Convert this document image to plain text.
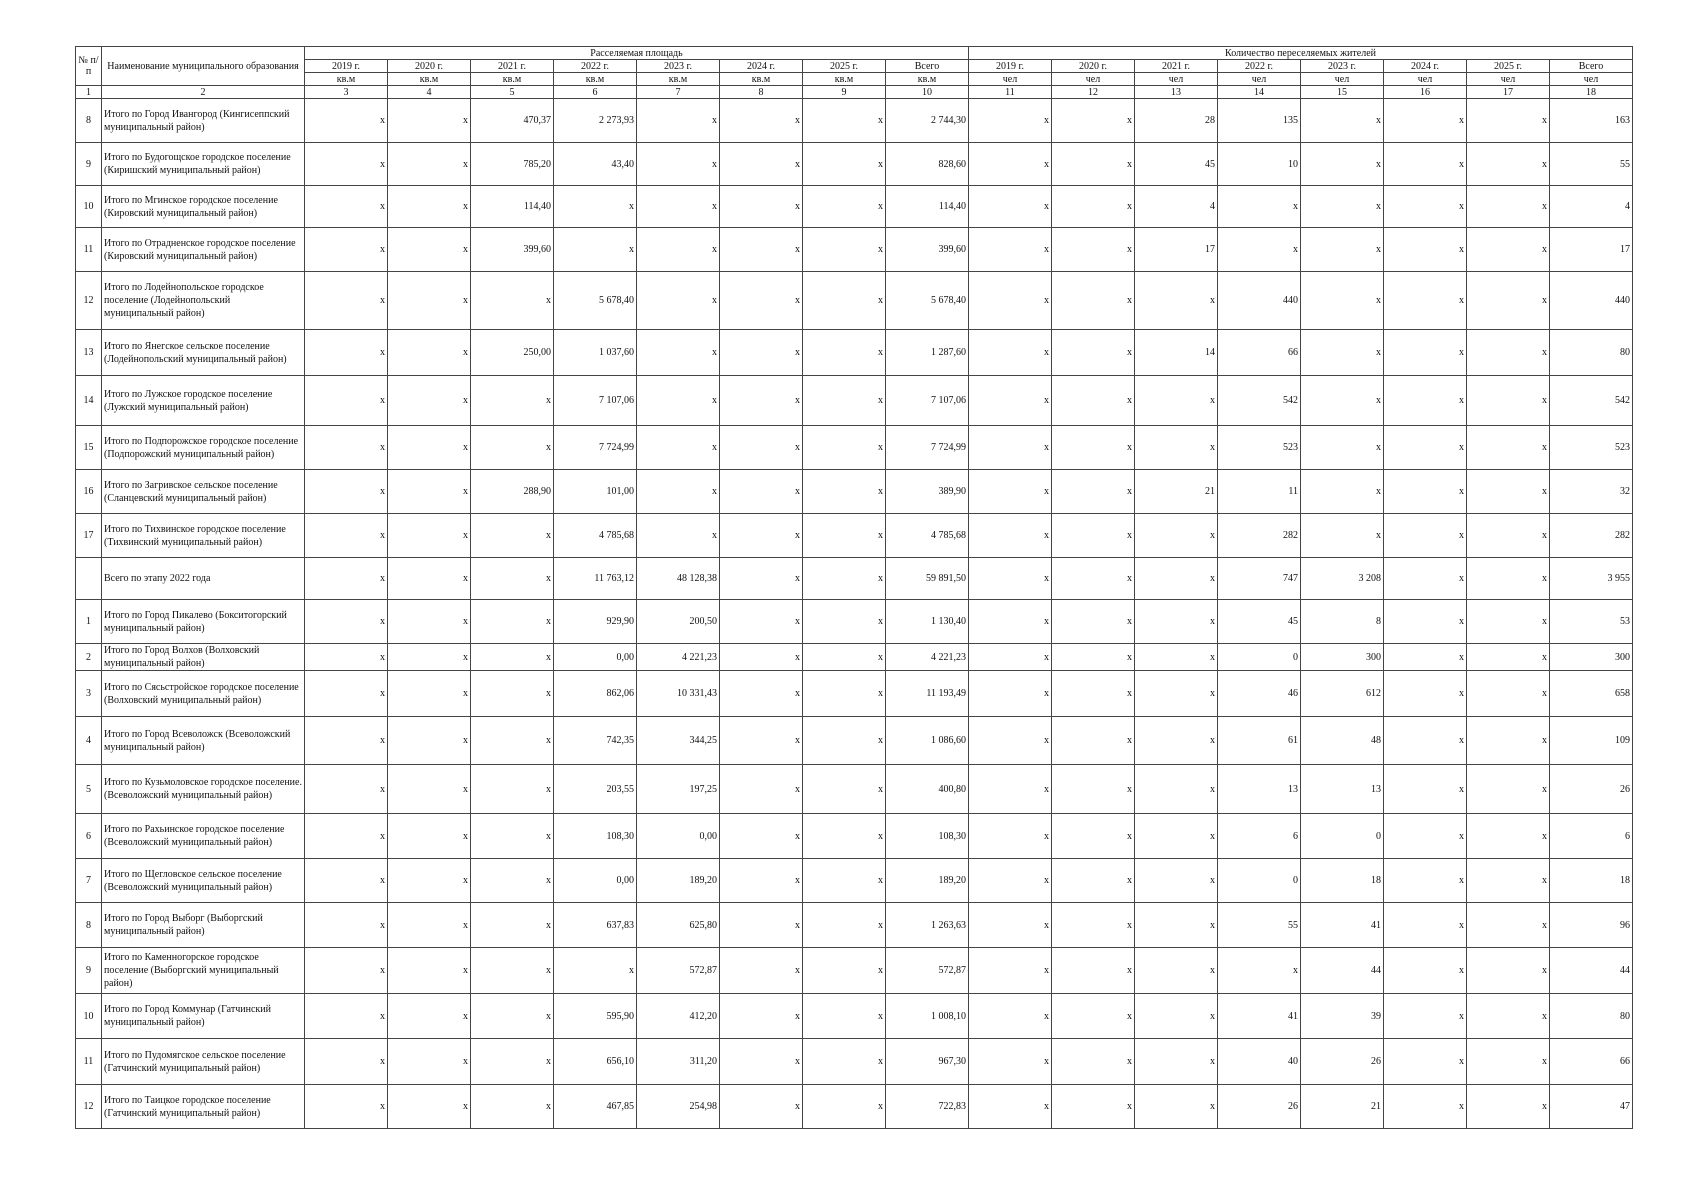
№ п/п	Наименование муниципального образования	Расселяемая площадь								Количество переселяемых жителей							
		2019 г.	2020 г.	2021 г.	2022 г.	2023 г.	2024 г.	2025 г.	Всего	2019 г.	2020 г.	2021 г.	2022 г.	2023 г.	2024 г.	2025 г.	Всего
		кв.м	кв.м	кв.м	кв.м	кв.м	кв.м	кв.м	кв.м	чел	чел	чел	чел	чел	чел	чел	чел
1	2	3	4	5	6	7	8	9	10	11	12	13	14	15	16	17	18
8	Итого по Город Ивангород (Кингисеппский муниципальный район)	x	x	470,37	2 273,93	x	x	x	2 744,30	x	x	28	135	x	x	x	163
9	Итого по Будогощское городское поселение (Киришский муниципальный район)	x	x	785,20	43,40	x	x	x	828,60	x	x	45	10	x	x	x	55
10	Итого по Мгинское городское поселение (Кировский муниципальный район)	x	x	114,40	x	x	x	x	114,40	x	x	4	x	x	x	x	4
11	Итого по Отрадненское городское поселение (Кировский муниципальный район)	x	x	399,60	x	x	x	x	399,60	x	x	17	x	x	x	x	17
12	Итого по Лодейнопольское городское поселение (Лодейнопольский муниципальный район)	x	x	x	5 678,40	x	x	x	5 678,40	x	x	x	440	x	x	x	440
13	Итого по Янегское сельское поселение (Лодейнопольский муниципальный район)	x	x	250,00	1 037,60	x	x	x	1 287,60	x	x	14	66	x	x	x	80
14	Итого по Лужское городское поселение (Лужский муниципальный район)	x	x	x	7 107,06	x	x	x	7 107,06	x	x	x	542	x	x	x	542
15	Итого по Подпорожское городское поселение (Подпорожский муниципальный район)	x	x	x	7 724,99	x	x	x	7 724,99	x	x	x	523	x	x	x	523
16	Итого по Загривское сельское поселение (Сланцевский муниципальный район)	x	x	288,90	101,00	x	x	x	389,90	x	x	21	11	x	x	x	32
17	Итого по Тихвинское городское поселение (Тихвинский муниципальный район)	x	x	x	4 785,68	x	x	x	4 785,68	x	x	x	282	x	x	x	282
	Всего по этапу 2022 года	x	x	x	11 763,12	48 128,38	x	x	59 891,50	x	x	x	747	3 208	x	x	3 955
1	Итого по Город Пикалево (Бокситогорский муниципальный район)	x	x	x	929,90	200,50	x	x	1 130,40	x	x	x	45	8	x	x	53
2	Итого по Город Волхов (Волховский муниципальный район)	x	x	x	0,00	4 221,23	x	x	4 221,23	x	x	x	0	300	x	x	300
3	Итого по Сясьстройское городское поселение (Волховский муниципальный район)	x	x	x	862,06	10 331,43	x	x	11 193,49	x	x	x	46	612	x	x	658
4	Итого по Город Всеволожск (Всеволожский муниципальный район)	x	x	x	742,35	344,25	x	x	1 086,60	x	x	x	61	48	x	x	109
5	Итого по Кузьмоловское городское поселение. (Всеволожский муниципальный район)	x	x	x	203,55	197,25	x	x	400,80	x	x	x	13	13	x	x	26
6	Итого по Рахьинское городское поселение (Всеволожский муниципальный район)	x	x	x	108,30	0,00	x	x	108,30	x	x	x	6	0	x	x	6
7	Итого по Щегловское сельское поселение (Всеволожский муниципальный район)	x	x	x	0,00	189,20	x	x	189,20	x	x	x	0	18	x	x	18
8	Итого по Город Выборг (Выборгский муниципальный район)	x	x	x	637,83	625,80	x	x	1 263,63	x	x	x	55	41	x	x	96
9	Итого по Каменногорское городское поселение (Выборгский муниципальный район)	x	x	x	x	572,87	x	x	572,87	x	x	x	x	44	x	x	44
10	Итого по Город Коммунар (Гатчинский муниципальный район)	x	x	x	595,90	412,20	x	x	1 008,10	x	x	x	41	39	x	x	80
11	Итого по Пудомягское сельское поселение (Гатчинский муниципальный район)	x	x	x	656,10	311,20	x	x	967,30	x	x	x	40	26	x	x	66
12	Итого по Таицкое городское поселение (Гатчинский муниципальный район)	x	x	x	467,85	254,98	x	x	722,83	x	x	x	26	21	x	x	47
